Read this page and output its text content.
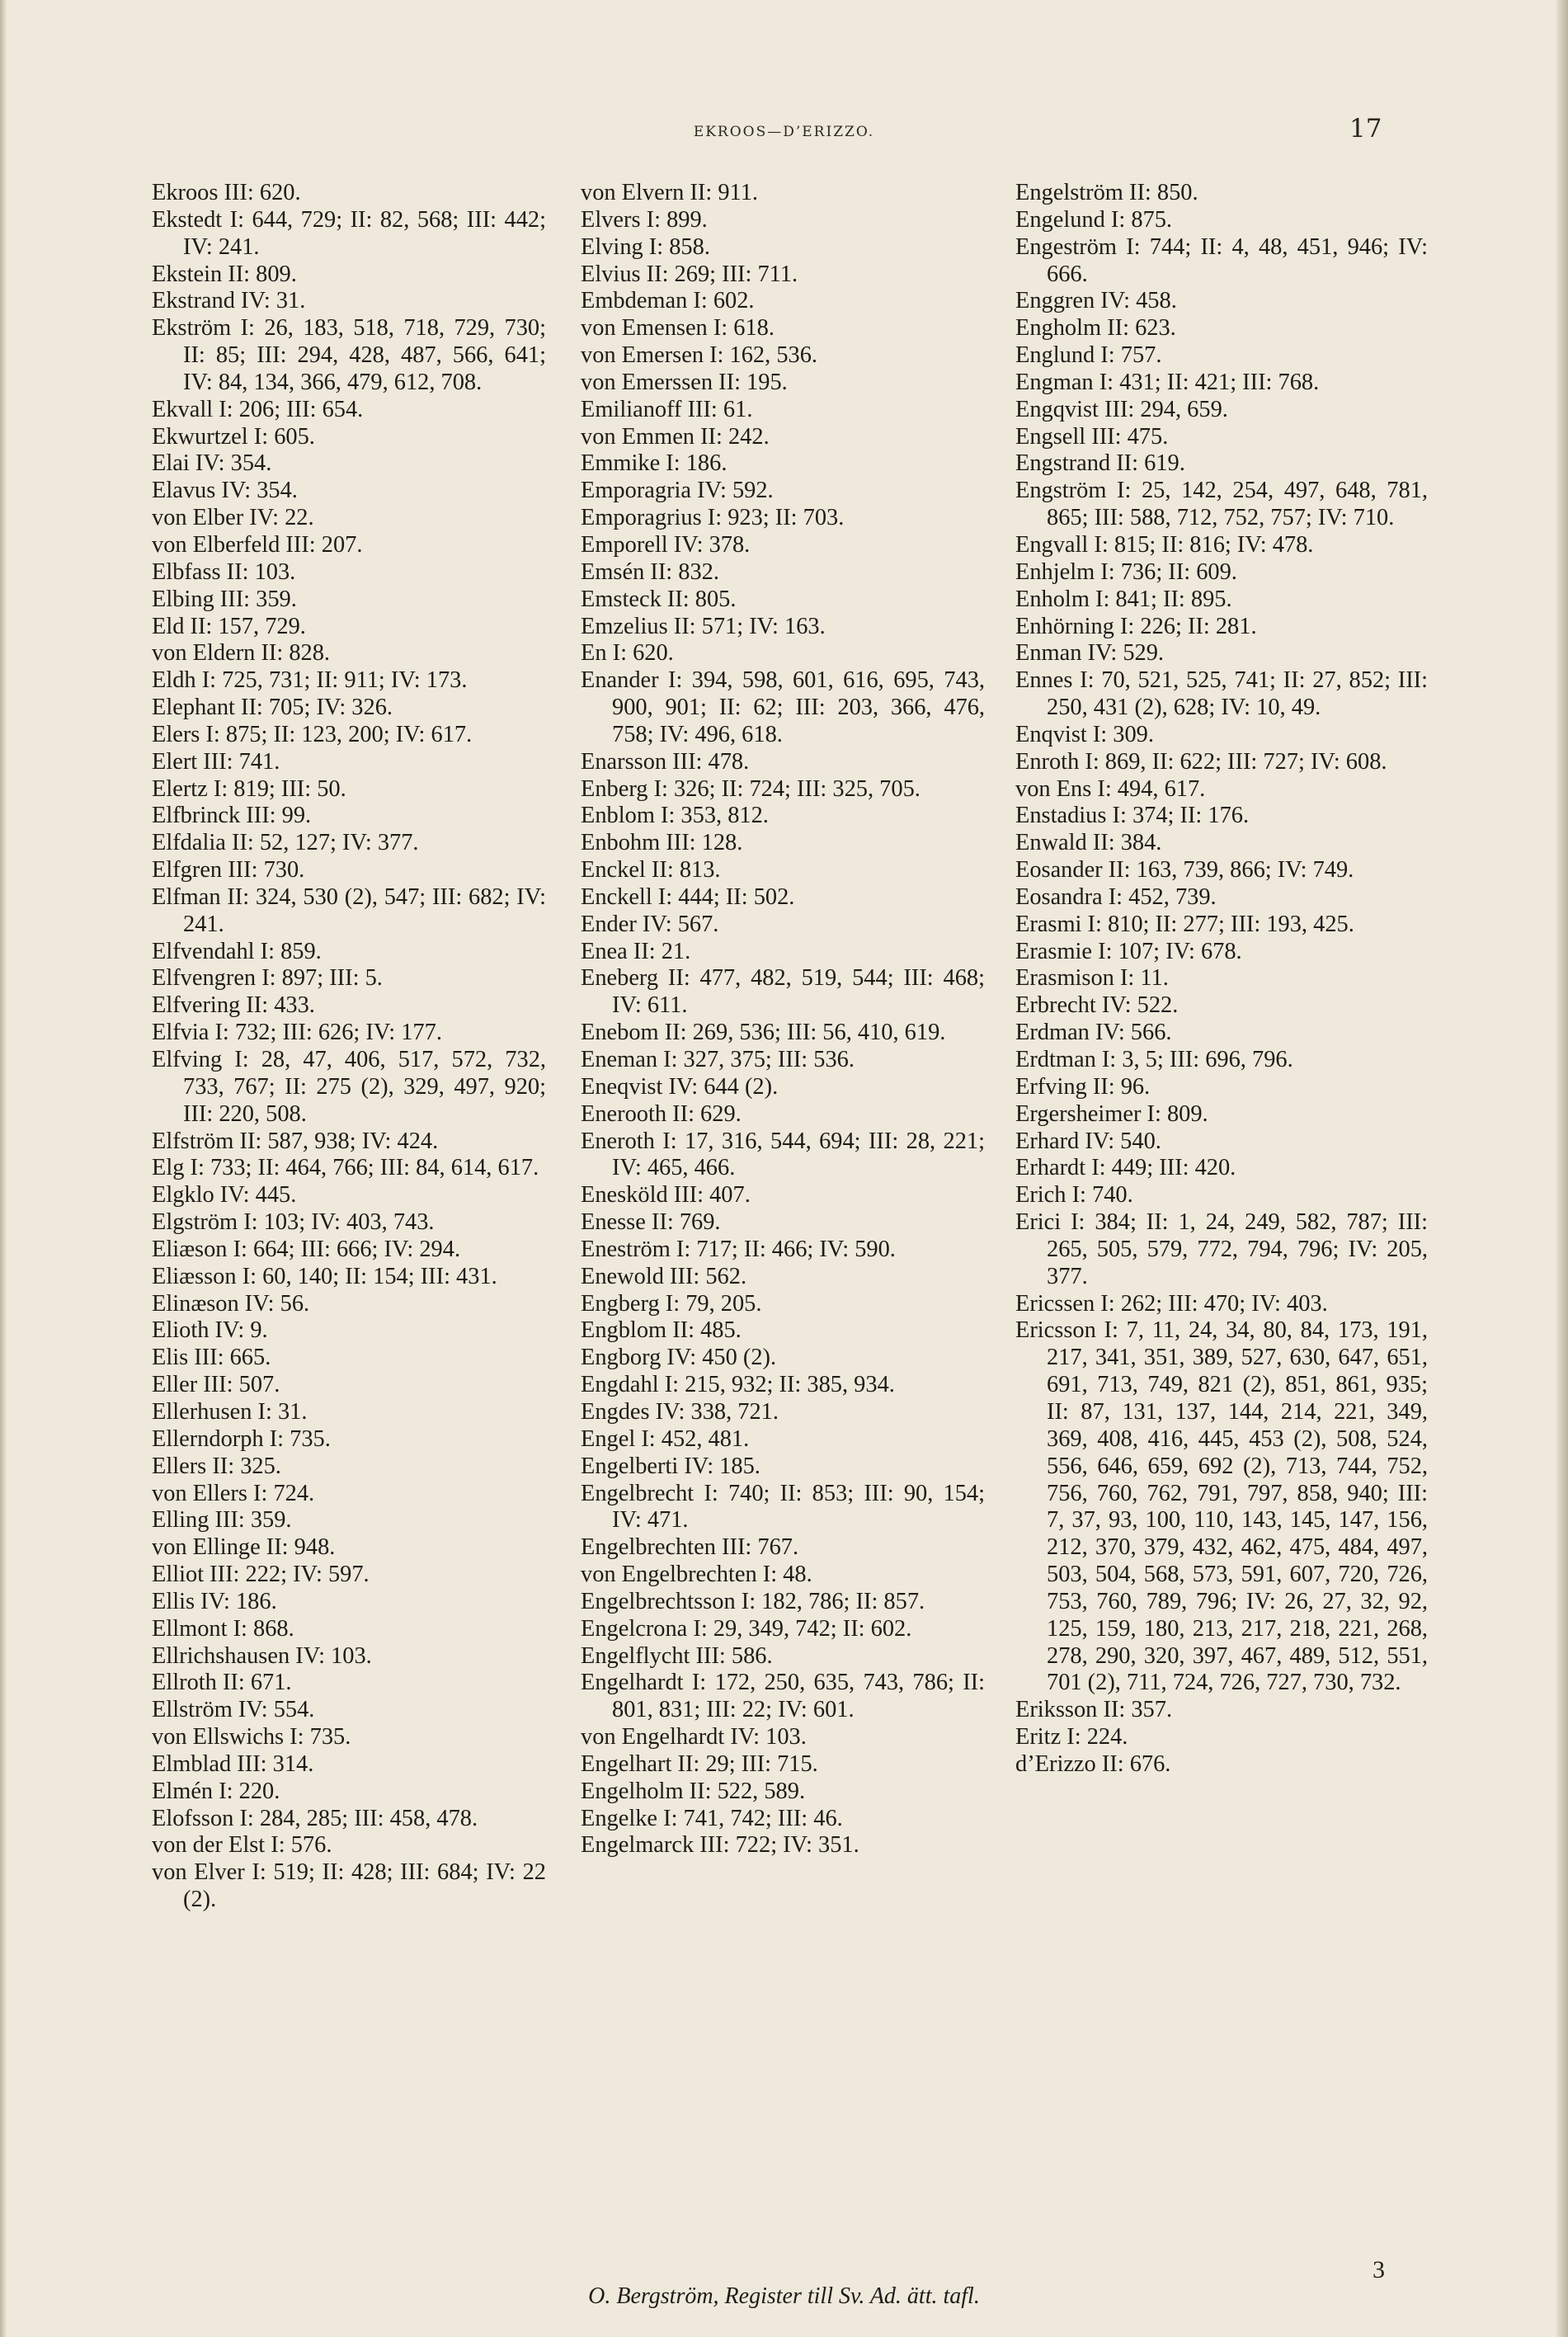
EKROOS—D’ERIZZO.	17
Ekroos III: 620.
Ekstedt I: 644, 729; II: 82, 568; III: 442; IV: 241.
Ekstein II: 809.
Ekstrand IV: 31.
Ekström I: 26, 183, 518, 718, 729, 730; II: 85; III: 294, 428, 487, 566, 641; IV: 84, 134, 366, 479, 612, 708.
Ekvall I: 206; III: 654.
Ekwurtzel I: 605.
Elai IV: 354.
Elavus IV: 354.
von Elber IV: 22.
von Elberfeld III: 207.
Elbfass II: 103.
Elbing III: 359.
Eld II: 157, 729.
von Eldern II: 828.
Eldh I: 725, 731; II: 911; IV: 173.
Elephant II: 705; IV: 326.
Elers I: 875; II: 123, 200; IV: 617.
Elert III: 741.
Elertz I: 819; III: 50.
Elfbrinck III: 99.
Elfdalia II: 52, 127; IV: 377.
Elfgren III: 730.
Elfman II: 324, 530 (2), 547; III: 682; IV: 241.
Elfvendahl I: 859.
Elfvengren I: 897; III: 5.
Elfvering II: 433.
Elfvia I: 732; III: 626; IV: 177.
Elfving I: 28, 47, 406, 517, 572, 732, 733, 767; II: 275 (2), 329, 497, 920; III: 220, 508.
Elfström II: 587, 938; IV: 424.
Elg I: 733; II: 464, 766; III: 84, 614, 617.
Elgklo IV: 445.
Elgström I: 103; IV: 403, 743.
Eliæson I: 664; III: 666; IV: 294.
Eliæsson I: 60, 140; II: 154; III: 431.
Elinæson IV: 56.
Elioth IV: 9.
Elis III: 665.
Eller III: 507.
Ellerhusen I: 31.
Ellerndorph I: 735.
Ellers II: 325.
von Ellers I: 724.
Elling III: 359.
von Ellinge II: 948.
Elliot III: 222; IV: 597.
Ellis IV: 186.
Ellmont I: 868.
Ellrichshausen IV: 103.
Ellroth II: 671.
Ellström IV: 554.
von Ellswichs I: 735.
Elmblad III: 314.
Elmén I: 220.
Elofsson I: 284, 285; III: 458, 478.
von der Elst I: 576.
von Elver I: 519; II: 428; III: 684; IV: 22 (2).
von Elvern II: 911.
Elvers I: 899.
Elving I: 858.
Elvius II: 269; III: 711.
Embdeman I: 602.
von Emensen I: 618.
von Emersen I: 162, 536.
von Emerssen II: 195.
Emilianoff III: 61.
von Emmen II: 242.
Emmike I: 186.
Emporagria IV: 592.
Emporagrius I: 923; II: 703.
Emporell IV: 378.
Emsén II: 832.
Emsteck II: 805.
Emzelius II: 571; IV: 163.
En I: 620.
Enander I: 394, 598, 601, 616, 695, 743, 900, 901; II: 62; III: 203, 366, 476, 758; IV: 496, 618.
Enarsson III: 478.
Enberg I: 326; II: 724; III: 325, 705.
Enblom I: 353, 812.
Enbohm III: 128.
Enckel II: 813.
Enckell I: 444; II: 502.
Ender IV: 567.
Enea II: 21.
Eneberg II: 477, 482, 519, 544; III: 468; IV: 611.
Enebom II: 269, 536; III: 56, 410, 619.
Eneman I: 327, 375; III: 536.
Eneqvist IV: 644 (2).
Enerooth II: 629.
Eneroth I: 17, 316, 544, 694; III: 28, 221; IV: 465, 466.
Enesköld III: 407.
Enesse II: 769.
Eneström I: 717; II: 466; IV: 590.
Enewold III: 562.
Engberg I: 79, 205.
Engblom II: 485.
Engborg IV: 450 (2).
Engdahl I: 215, 932; II: 385, 934.
Engdes IV: 338, 721.
Engel I: 452, 481.
Engelberti IV: 185.
Engelbrecht I: 740; II: 853; III: 90, 154; IV: 471.
Engelbrechten III: 767.
von Engelbrechten I: 48.
Engelbrechtsson I: 182, 786; II: 857.
Engelcrona I: 29, 349, 742; II: 602.
Engelflycht III: 586.
Engelhardt I: 172, 250, 635, 743, 786; II: 801, 831; III: 22; IV: 601.
von Engelhardt IV: 103.
Engelhart II: 29; III: 715.
Engelholm II: 522, 589.
Engelke I: 741, 742; III: 46.
Engelmarck III: 722; IV: 351.
Engelström II: 850.
Engelund I: 875.
Engeström I: 744; II: 4, 48, 451, 946; IV: 666.
Enggren IV: 458.
Engholm II: 623.
Englund I: 757.
Engman I: 431; II: 421; III: 768.
Engqvist III: 294, 659.
Engsell III: 475.
Engstrand II: 619.
Engström I: 25, 142, 254, 497, 648, 781, 865; III: 588, 712, 752, 757; IV: 710.
Engvall I: 815; II: 816; IV: 478.
Enhjelm I: 736; II: 609.
Enholm I: 841; II: 895.
Enhörning I: 226; II: 281.
Enman IV: 529.
Ennes I: 70, 521, 525, 741; II: 27, 852; III: 250, 431 (2), 628; IV: 10, 49.
Enqvist I: 309.
Enroth I: 869, II: 622; III: 727; IV: 608.
von Ens I: 494, 617.
Enstadius I: 374; II: 176.
Enwald II: 384.
Eosander II: 163, 739, 866; IV: 749.
Eosandra I: 452, 739.
Erasmi I: 810; II: 277; III: 193, 425.
Erasmie I: 107; IV: 678.
Erasmison I: 11.
Erbrecht IV: 522.
Erdman IV: 566.
Erdtman I: 3, 5; III: 696, 796.
Erfving II: 96.
Ergersheimer I: 809.
Erhard IV: 540.
Erhardt I: 449; III: 420.
Erich I: 740.
Erici I: 384; II: 1, 24, 249, 582, 787; III: 265, 505, 579, 772, 794, 796; IV: 205, 377.
Ericssen I: 262; III: 470; IV: 403.
Ericsson I: 7, 11, 24, 34, 80, 84, 173, 191, 217, 341, 351, 389, 527, 630, 647, 651, 691, 713, 749, 821 (2), 851, 861, 935; II: 87, 131, 137, 144, 214, 221, 349, 369, 408, 416, 445, 453 (2), 508, 524, 556, 646, 659, 692 (2), 713, 744, 752, 756, 760, 762, 791, 797, 858, 940; III: 7, 37, 93, 100, 110, 143, 145, 147, 156, 212, 370, 379, 432, 462, 475, 484, 497, 503, 504, 568, 573, 591, 607, 720, 726, 753, 760, 789, 796; IV: 26, 27, 32, 92, 125, 159, 180, 213, 217, 218, 221, 268, 278, 290, 320, 397, 467, 489, 512, 551, 701 (2), 711, 724, 726, 727, 730, 732.
Eriksson II: 357.
Eritz I: 224.
d’Erizzo II: 676.
O. Bergström, Register till Sv. Ad. ätt. tafl.
3
